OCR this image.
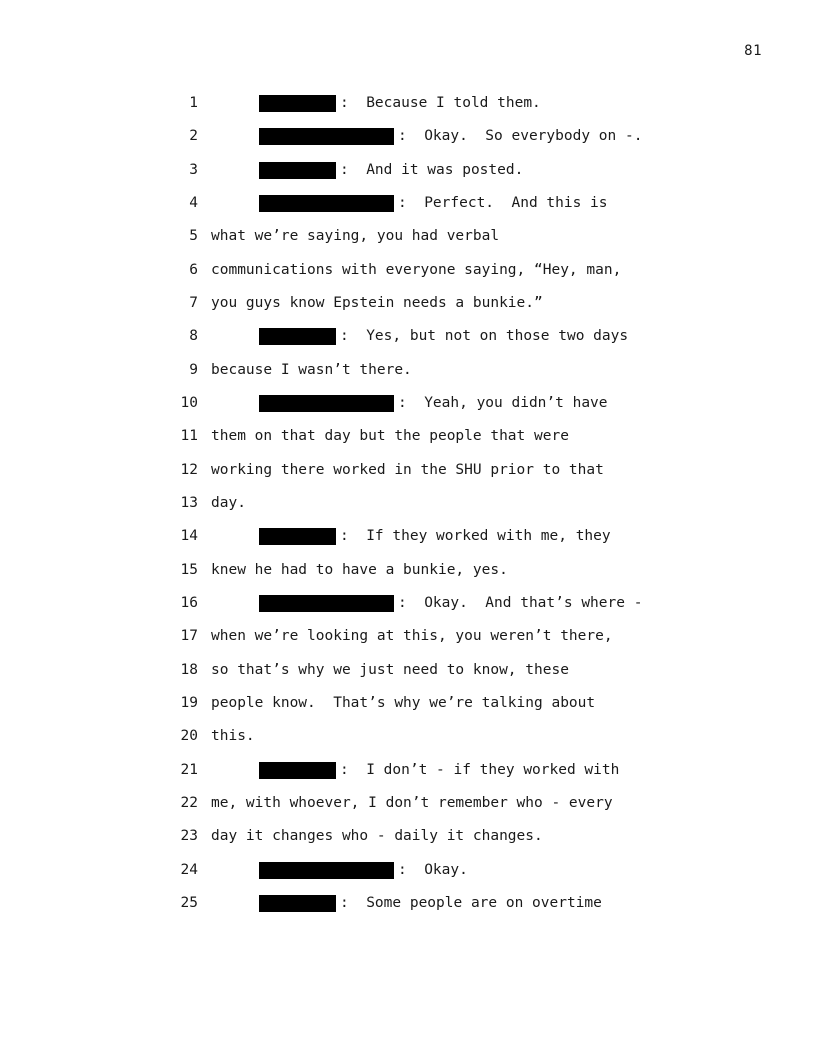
81
1	:  Because I told them.
2	:  Okay.  So everybody on -.
3	:  And it was posted.
4	:  Perfect.  And this is
5 what we’re saying, you had verbal
6 communications with everyone saying, “Hey, man,
7 you guys know Epstein needs a bunkie.”
8	:  Yes, but not on those two days
9 because I wasn’t there.
10	:  Yeah, you didn’t have
11 them on that day but the people that were
12 working there worked in the SHU prior to that
13 day.
14	:  If they worked with me, they
15 knew he had to have a bunkie, yes.
16	:  Okay.  And that’s where -
17 when we’re looking at this, you weren’t there,
18 so that’s why we just need to know, these
19 people know.  That’s why we’re talking about
20 this.
21	:  I don’t - if they worked with
22 me, with whoever, I don’t remember who - every
23 day it changes who - daily it changes.
24	:  Okay.
25	:  Some people are on overtime
